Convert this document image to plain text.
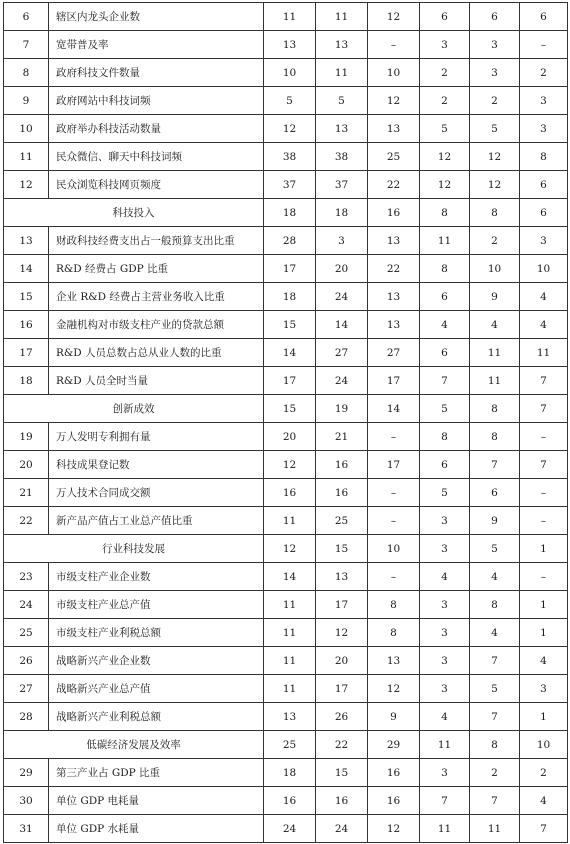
6	辖区内龙头企业数	11	11	12	6	6	6
7	宽带普及率	13	13	–	3	3	–
8	政府科技文件数量	10	11	10	2	3	2
9	政府网站中科技词频	5	5	12	2	2	3
10	政府举办科技活动数量	12	13	13	5	5	3
11	民众微信、聊天中科技词频	38	38	25	12	12	8
12	民众浏览科技网页频度	37	37	22	12	12	6
科技投入		18	18	16	8	8	6
13	财政科技经费支出占一般预算支出比重	28	3	13	11	2	3
14	R&D 经费占 GDP 比重	17	20	22	8	10	10
15	企业 R&D 经费占主营业务收入比重	18	24	13	6	9	4
16	金融机构对市级支柱产业的贷款总额	15	14	13	4	4	4
17	R&D 人员总数占总从业人数的比重	14	27	27	6	11	11
18	R&D 人员全时当量	17	24	17	7	11	7
创新成效		15	19	14	5	8	7
19	万人发明专利拥有量	20	21	–	8	8	–
20	科技成果登记数	12	16	17	6	7	7
21	万人技术合同成交额	16	16	–	5	6	–
22	新产品产值占工业总产值比重	11	25	–	3	9	–
行业科技发展		12	15	10	3	5	1
23	市级支柱产业企业数	14	13	–	4	4	–
24	市级支柱产业总产值	11	17	8	3	8	1
25	市级支柱产业利税总额	11	12	8	3	4	1
26	战略新兴产业企业数	11	20	13	3	7	4
27	战略新兴产业总产值	11	17	12	3	5	3
28	战略新兴产业利税总额	13	26	9	4	7	1
低碳经济发展及效率		25	22	29	11	8	10
29	第三产业占 GDP 比重	18	15	16	3	2	2
30	单位 GDP 电耗量	16	16	16	7	7	4
31	单位 GDP 水耗量	24	24	12	11	11	7
